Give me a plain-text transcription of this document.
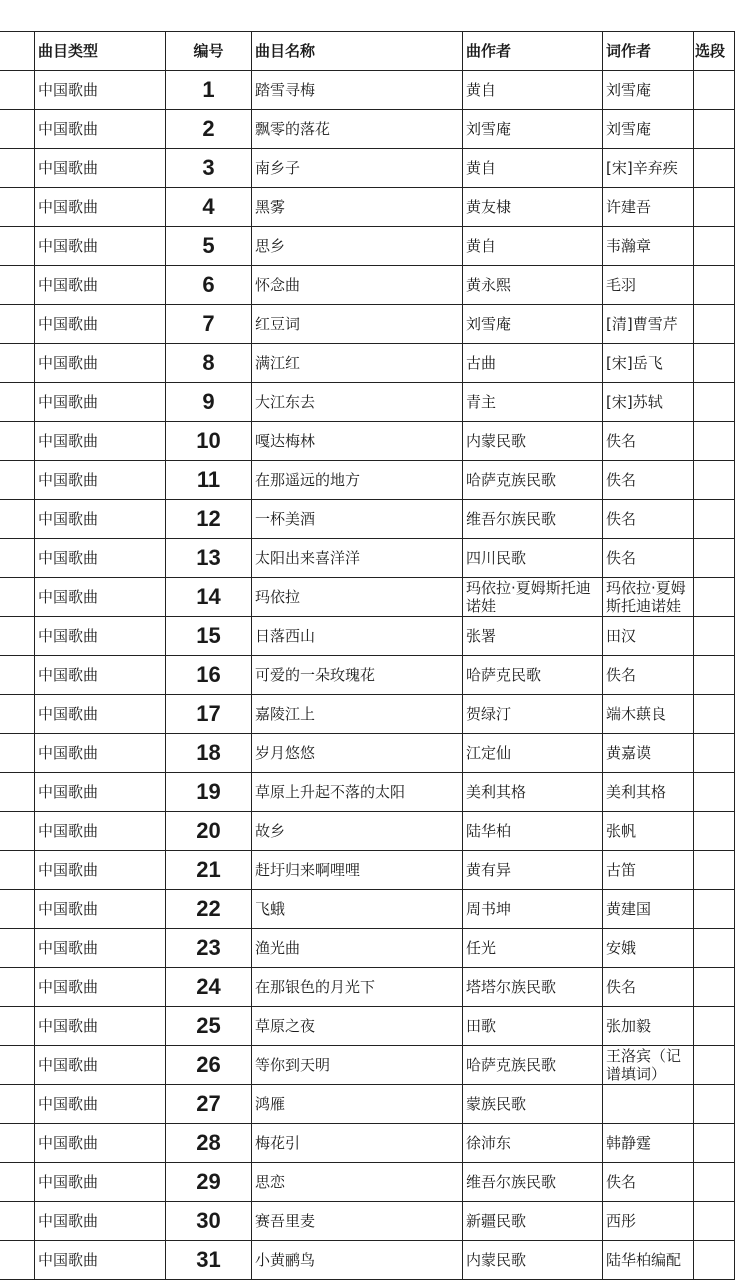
	曲目类型	编号	曲目名称	曲作者	词作者	选段
	中国歌曲	1	踏雪寻梅	黄自	刘雪庵	
	中国歌曲	2	飘零的落花	刘雪庵	刘雪庵	
	中国歌曲	3	南乡子	黄自	[宋]辛弃疾	
	中国歌曲	4	黑雾	黄友棣	许建吾	
	中国歌曲	5	思乡	黄自	韦瀚章	
	中国歌曲	6	怀念曲	黄永熙	毛羽	
	中国歌曲	7	红豆词	刘雪庵	[清]曹雪芹	
	中国歌曲	8	满江红	古曲	[宋]岳飞	
	中国歌曲	9	大江东去	青主	[宋]苏轼	
	中国歌曲	10	嘎达梅林	内蒙民歌	佚名	
	中国歌曲	11	在那遥远的地方	哈萨克族民歌	佚名	
	中国歌曲	12	一杯美酒	维吾尔族民歌	佚名	
	中国歌曲	13	太阳出来喜洋洋	四川民歌	佚名	
	中国歌曲	14	玛依拉	玛依拉·夏姆斯托迪诺娃	玛依拉·夏姆斯托迪诺娃	
	中国歌曲	15	日落西山	张署	田汉	
	中国歌曲	16	可爱的一朵玫瑰花	哈萨克民歌	佚名	
	中国歌曲	17	嘉陵江上	贺绿汀	端木蕻良	
	中国歌曲	18	岁月悠悠	江定仙	黄嘉谟	
	中国歌曲	19	草原上升起不落的太阳	美利其格	美利其格	
	中国歌曲	20	故乡	陆华柏	张帆	
	中国歌曲	21	赶圩归来啊哩哩	黄有异	古笛	
	中国歌曲	22	飞蛾	周书坤	黄建国	
	中国歌曲	23	渔光曲	任光	安娥	
	中国歌曲	24	在那银色的月光下	塔塔尔族民歌	佚名	
	中国歌曲	25	草原之夜	田歌	张加毅	
	中国歌曲	26	等你到天明	哈萨克族民歌	王洛宾（记谱填词）	
	中国歌曲	27	鸿雁	蒙族民歌		
	中国歌曲	28	梅花引	徐沛东	韩静霆	
	中国歌曲	29	思恋	维吾尔族民歌	佚名	
	中国歌曲	30	赛吾里麦	新疆民歌	西彤	
	中国歌曲	31	小黄鹂鸟	内蒙民歌	陆华柏编配	
